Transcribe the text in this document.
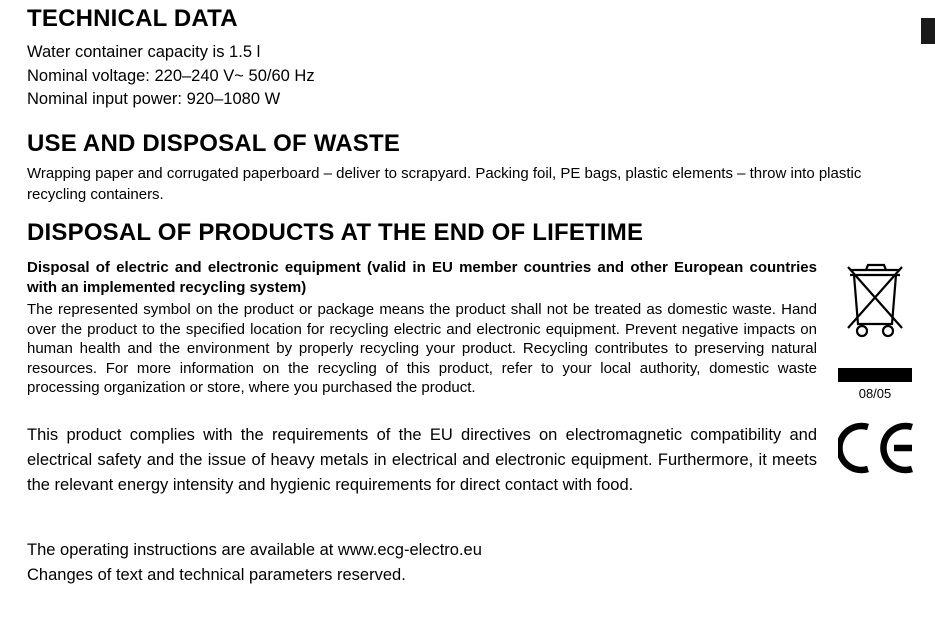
TECHNICAL DATA
Water container capacity is 1.5 l
Nominal voltage: 220–240 V~ 50/60 Hz
Nominal input power: 920–1080 W
USE AND DISPOSAL OF WASTE
Wrapping paper and corrugated paperboard – deliver to scrapyard. Packing foil, PE bags, plastic elements – throw into plastic recycling containers.
DISPOSAL OF PRODUCTS AT THE END OF LIFETIME
Disposal of electric and electronic equipment (valid in EU member countries and other European countries with an implemented recycling system)
The represented symbol on the product or package means the product shall not be treated as domestic waste. Hand over the product to the specified location for recycling electric and electronic equipment. Prevent negative impacts on human health and the environment by properly recycling your product. Recycling contributes to preserving natural resources. For more information on the recycling of this product, refer to your local authority, domestic waste processing organization or store, where you purchased the product.
This product complies with the requirements of the EU directives on electromagnetic compatibility and electrical safety and the issue of heavy metals in electrical and electronic equipment. Furthermore, it meets the relevant energy intensity and hygienic requirements for direct contact with food.
The operating instructions are available at www.ecg-electro.eu
Changes of text and technical parameters reserved.
08/05
